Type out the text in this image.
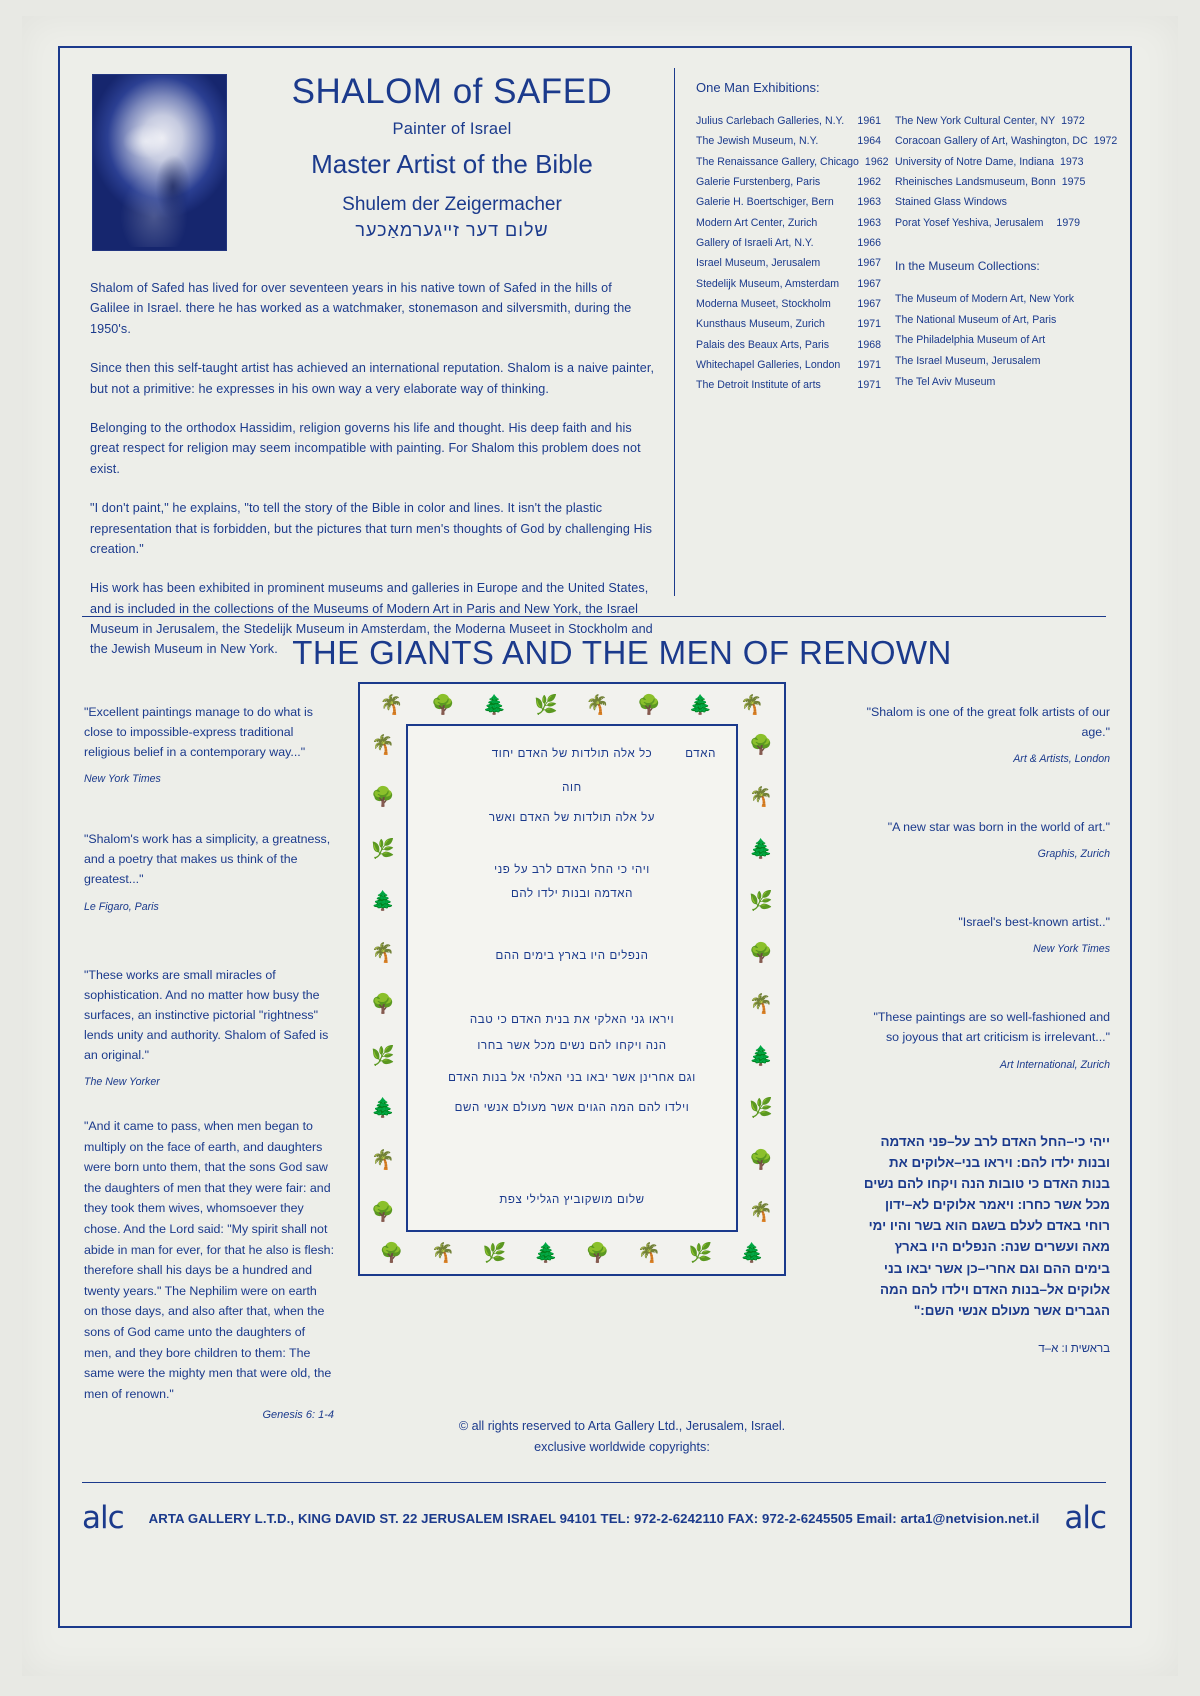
SHALOM of SAFED
Painter of Israel
Master Artist of the Bible
Shulem der Zeigermacher
שלום דער זײגערמאַכער

Shalom of Safed has lived for over seventeen years in his native town of Safed in the hills of Galilee in Israel. there he has worked as a watchmaker, stonemason and silversmith, during the 1950's.

Since then this self-taught artist has achieved an international reputation. Shalom is a naive painter, but not a primitive: he expresses in his own way a very elaborate way of thinking.

Belonging to the orthodox Hassidim, religion governs his life and thought. His deep faith and his great respect for religion may seem incompatible with painting. For Shalom this problem does not exist.

"I don't paint," he explains, "to tell the story of the Bible in color and lines. It isn't the plastic representation that is forbidden, but the pictures that turn men's thoughts of God by challenging His creation."

His work has been exhibited in prominent museums and galleries in Europe and the United States, and is included in the collections of the Museums of Modern Art in Paris and New York, the Israel Museum in Jerusalem, the Stedelijk Museum in Amsterdam, the Moderna Museet in Stockholm and the Jewish Museum in New York.

One Man Exhibitions:
Julius Carlebach Galleries, N.Y.	1961
The Jewish Museum, N.Y.	1964
The Renaissance Gallery, Chicago 1962
Galerie Furstenberg, Paris	1962
Galerie H. Boertschiger, Bern	1963
Modern Art Center, Zurich	1963
Gallery of Israeli Art, N.Y.	1966
Israel Museum, Jerusalem	1967
Stedelijk Museum, Amsterdam	1967
Moderna Museet, Stockholm	1967
Kunsthaus Museum, Zurich	1971
Palais des Beaux Arts, Paris	1968
Whitechapel Galleries, London	1971
The Detroit Institute of arts	1971
The New York Cultural Center, NY 1972
Coracoan Gallery of Art, Washington, DC 1972
University of Notre Dame, Indiana 1973
Rheinisches Landsmuseum, Bonn 1975
Stained Glass Windows
Porat Yosef Yeshiva, Jerusalem	1979
In the Museum Collections:
The Museum of Modern Art, New York
The National Museum of Art, Paris
The Philadelphia Museum of Art
The Israel Museum, Jerusalem
The Tel Aviv Museum
THE GIANTS AND THE MEN OF RENOWN
"Excellent paintings manage to do what is close to impossible-express traditional religious belief in a contemporary way..."
New York Times
"Shalom's work has a simplicity, a greatness, and a poetry that makes us think of the greatest..."
Le Figaro, Paris
"These works are small miracles of sophistication. And no matter how busy the surfaces, an instinctive pictorial "rightness" lends unity and authority. Shalom of Safed is an original."
The New Yorker
"And it came to pass, when men began to multiply on the face of earth, and daughters were born unto them, that the sons God saw the daughters of men that they were fair: and they took them wives, whomsoever they chose. And the Lord said: "My spirit shall not abide in man for ever, for that he also is flesh: therefore shall his days be a hundred and twenty years." The Nephilim were on earth on those days, and also after that, when the sons of God came unto the daughters of men, and they bore children to them: The same were the mighty men that were old, the men of renown."
Genesis 6: 1-4
"Shalom is one of the great folk artists of our age."
Art & Artists, London
"A new star was born in the world of art."
Graphis, Zurich
"Israel's best-known artist.."
New York Times
"These paintings are so well-fashioned and so joyous that art criticism is irrelevant..."
Art International, Zurich
ייהי כי–החל האדם לרב על–פני האדמה
ובנות ילדו להם: ויראו בני–אלוקים את
בנות האדם כי טובות הנה ויקחו להם נשים
מכל אשר כחרו: ויאמר אלוקים לא–ידון
רוחי באדם לעלם בשגם הוא בשר והיו ימי
מאה ועשרים שנה: הנפלים היו בארץ
בימים ההם וגם אחרי–כן אשר יבאו בני
אלוקים אל–בנות האדם וילדו להם המה
הגברים אשר מעולם אנשי השם:"
בראשית ו: א–ד
🌴 🌳 🌲 🌿 🌴 🌳 🌲 🌴
🌳 🌴 🌿 🌲 🌳 🌴 🌿 🌲
🌴
🌳
🌿
🌲
🌴
🌳
🌿
🌲
🌴
🌳
🌳
🌴
🌲
🌿
🌳
🌴
🌲
🌿
🌳
🌴
האדם
כל אלה תולדות של האדם יחוד
חוה
על אלה תולדות של האדם ואשר
ויהי כי החל האדם לרב על פני
האדמה ובנות ילדו להם
הנפלים היו בארץ בימים ההם
ויראו גני האלקי את בנית האדם כי טבה
הנה ויקחו להם נשים מכל אשר בחרו
וגם אחרינן אשר יבאו בני האלהי אל בנות האדם
וילדו להם המה הגוים אשר מעולם אנשי השם
שלום מושקוביץ הגלילי צפת
© all rights reserved to Arta Gallery Ltd., Jerusalem, Israel.
exclusive worldwide copyrights:
alc ARTA GALLERY L.T.D., KING DAVID ST. 22 JERUSALEM ISRAEL 94101 TEL: 972-2-6242110 FAX: 972-2-6245505 Email: arta1@netvision.net.il alc
